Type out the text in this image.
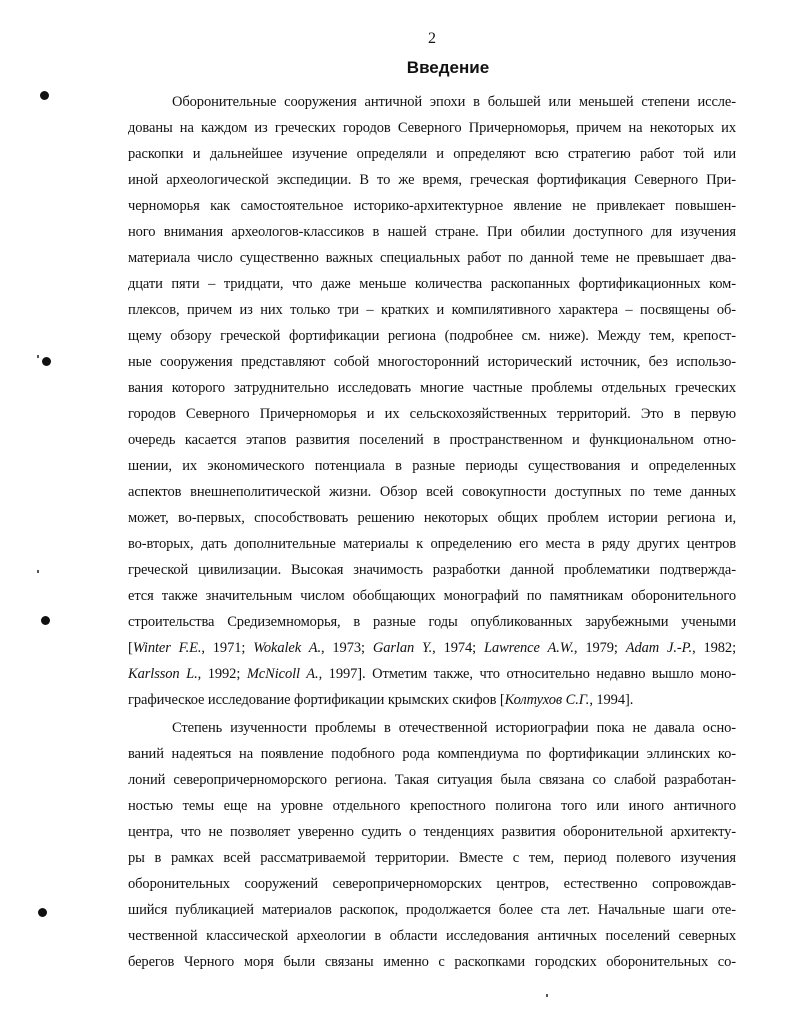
2
Введение
Оборонительные сооружения античной эпохи в большей или меньшей степени иссле-
дованы на каждом из греческих городов Северного Причерноморья, причем на некоторых их
раскопки и дальнейшее изучение определяли и определяют всю стратегию работ той или
иной археологической экспедиции. В то же время, греческая фортификация Северного При-
черноморья как самостоятельное историко-архитектурное явление не привлекает повышен-
ного внимания археологов-классиков в нашей стране. При обилии доступного для изучения
материала число существенно важных специальных работ по данной теме не превышает два-
дцати пяти – тридцати, что даже меньше количества раскопанных фортификационных ком-
плексов, причем из них только три – кратких и компилятивного характера – посвящены об-
щему обзору греческой фортификации региона (подробнее см. ниже). Между тем, крепост-
ные сооружения представляют собой многосторонний исторический источник, без использо-
вания которого затруднительно исследовать многие частные проблемы отдельных греческих
городов Северного Причерноморья и их сельскохозяйственных территорий. Это в первую
очередь касается этапов развития поселений в пространственном и функциональном отно-
шении, их экономического потенциала в разные периоды существования и определенных
аспектов внешнеполитической жизни. Обзор всей совокупности доступных по теме данных
может, во-первых, способствовать решению некоторых общих проблем истории региона и,
во-вторых, дать дополнительные материалы к определению его места в ряду других центров
греческой цивилизации. Высокая значимость разработки данной проблематики подтвержда-
ется также значительным числом обобщающих монографий по памятникам оборонительного
строительства Средиземноморья, в разные годы опубликованных зарубежными учеными
[Winter F.E., 1971; Wokalek A., 1973; Garlan Y., 1974; Lawrence A.W., 1979; Adam J.-P., 1982;
Karlsson L., 1992; McNicoll A., 1997]. Отметим также, что относительно недавно вышло моно-
графическое исследование фортификации крымских скифов [Колтухов С.Г., 1994].
Степень изученности проблемы в отечественной историографии пока не давала осно-
ваний надеяться на появление подобного рода компендиума по фортификации эллинских ко-
лоний северопричерноморского региона. Такая ситуация была связана со слабой разработан-
ностью темы еще на уровне отдельного крепостного полигона того или иного античного
центра, что не позволяет уверенно судить о тенденциях развития оборонительной архитекту-
ры в рамках всей рассматриваемой территории. Вместе с тем, период полевого изучения
оборонительных сооружений северопричерноморских центров, естественно сопровождав-
шийся публикацией материалов раскопок, продолжается более ста лет. Начальные шаги оте-
чественной классической археологии в области исследования античных поселений северных
берегов Черного моря были связаны именно с раскопками городских оборонительных со-
